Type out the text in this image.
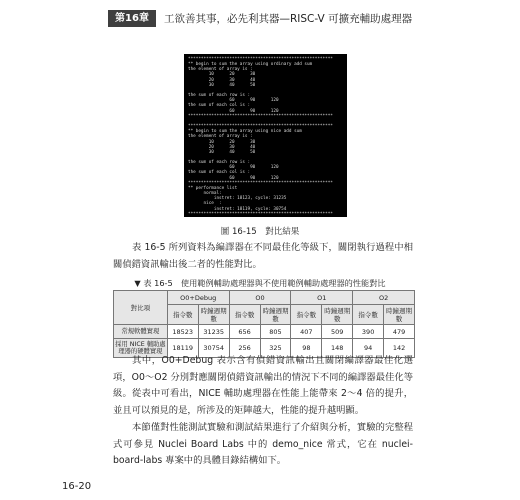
第16章	工欲善其事，必先利其器—RISC-V 可擴充輔助處理器
********************************************************
** begin to sum the array using ordinary add sum
the element of array is :
10      20      30
20      30      40
30      40      50

the sum of each row is :
60      90      120
the sum of each col is :
60      90      120
********************************************************

********************************************************
** begin to sum the array using nice add sum
the element of array is :
10      20      30
20      30      40
30      40      50

the sum of each row is :
60      90      120
the sum of each col is :
60      90      120
********************************************************
** performance list
normal:
instret: 18123, cycle: 31235
nice  :
instret: 18119, cycle: 30754
********************************************************
圖 16-15　對比結果

表 16-5 所列資料為編譯器在不同最佳化等級下，關閉執行過程中相關偵錯資訊輸出後二者的性能對比。

▼ 表 16-5　使用範例輔助處理器與不使用範例輔助處理器的性能對比
對比項	O0+Debug		O0		O1		O2	
	指令數	時鐘週期數	指令數	時鐘週期數	指令數	時鐘週期數	指令數	時鐘週期數
常規軟體實現	18523	31235	656	805	407	509	390	479
採用 NICE 輔助處理器的硬體實現	18119	30754	256	325	98	148	94	142

其中，O0+Debug 表示含有偵錯資訊輸出且關閉編譯器最佳化選項，O0～O2 分別對應關閉偵錯資訊輸出的情況下不同的編譯器最佳化等級。從表中可看出，NICE 輔助處理器在性能上能帶來 2～4 倍的提升，並且可以預見的是，所涉及的矩陣越大，性能的提升越明顯。

本節僅對性能測試實驗和測試結果進行了介紹與分析，實驗的完整程式可參見 Nuclei Board Labs 中的 demo_nice 常式，它在 nuclei-board-labs 專案中的具體目錄結構如下。

16-20
